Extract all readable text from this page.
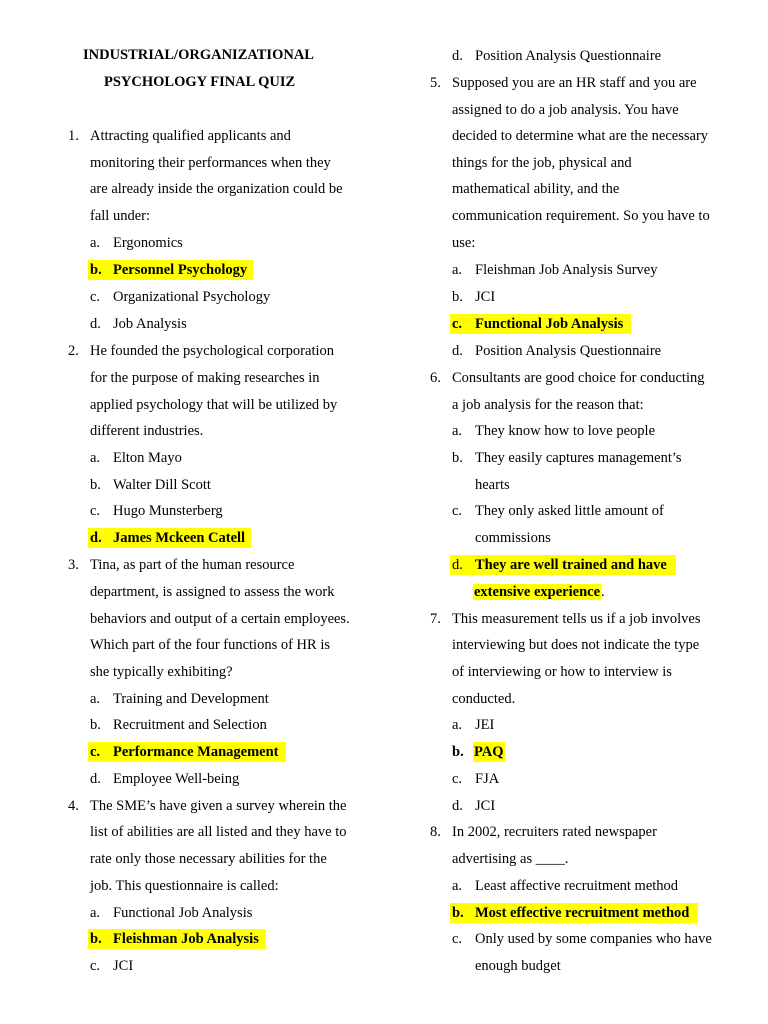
INDUSTRIAL/ORGANIZATIONAL
PSYCHOLOGY FINAL QUIZ
1. Attracting qualified applicants and
monitoring their performances when they
are already inside the organization could be
fall under:
a. Ergonomics
b. Personnel Psychology

c. Organizational Psychology
d. Job Analysis
2. He founded the psychological corporation
for the purpose of making researches in
applied psychology that will be utilized by
different industries.
a. Elton Mayo
b. Walter Dill Scott
c. Hugo Munsterberg
d. James Mckeen Catell

3. Tina, as part of the human resource
department, is assigned to assess the work
behaviors and output of a certain employees.
Which part of the four functions of HR is
she typically exhibiting?
a. Training and Development
b. Recruitment and Selection
c. Performance Management

d. Employee Well-being
4. The SME’s have given a survey wherein the
list of abilities are all listed and they have to
rate only those necessary abilities for the
job. This questionnaire is called:
a. Functional Job Analysis
b. Fleishman Job Analysis

c. JCI
d. Position Analysis Questionnaire
5. Supposed you are an HR staff and you are
assigned to do a job analysis. You have
decided to determine what are the necessary
things for the job, physical and
mathematical ability, and the
communication requirement. So you have to
use:
a. Fleishman Job Analysis Survey
b. JCI
c. Functional Job Analysis

d. Position Analysis Questionnaire
6. Consultants are good choice for conducting
a job analysis for the reason that:
a. They know how to love people
b. They easily captures management’s
hearts
c. They only asked little amount of
commissions
d. They are well trained and have

extensive experience.
7. This measurement tells us if a job involves
interviewing but does not indicate the type
of interviewing or how to interview is
conducted.
a. JEI
b. PAQ
c. FJA
d. JCI
8. In 2002, recruiters rated newspaper
advertising as ____.
a. Least affective recruitment method
b. Most effective recruitment method

c. Only used by some companies who have
enough budget
